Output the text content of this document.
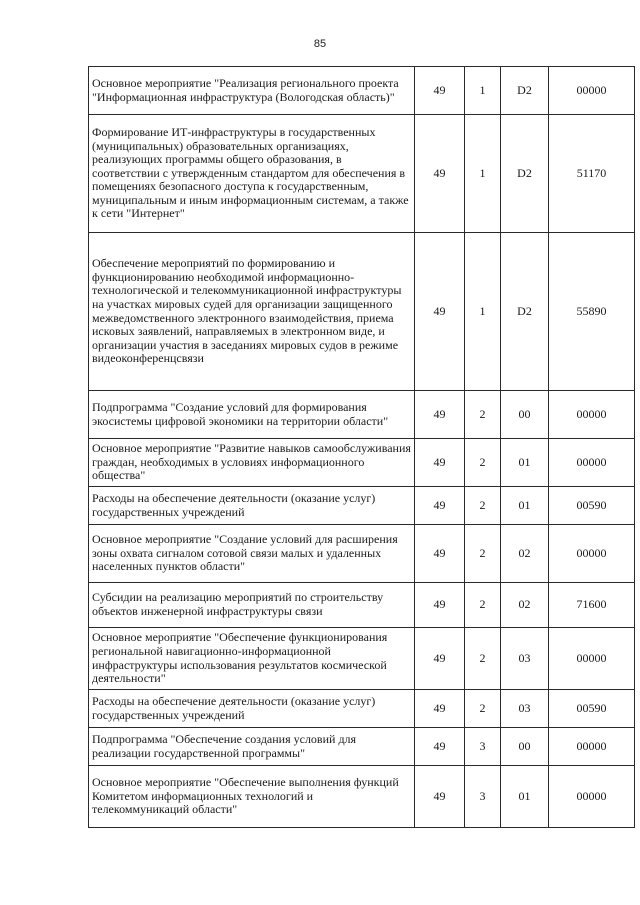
85
Основное мероприятие "Реализация регионального проекта "Информационная инфраструктура (Вологодская область)"	49	1	D2	00000
Формирование ИТ-инфраструктуры в государственных (муниципальных) образовательных организациях, реализующих программы общего образования, в соответствии с утвержденным стандартом для обеспечения в помещениях безопасного доступа к государственным, муниципальным и иным информационным системам, а также к сети "Интернет"	49	1	D2	51170
Обеспечение мероприятий по формированию и функционированию необходимой информационно-технологической и телекоммуникационной инфраструктуры на участках мировых судей для организации защищенного межведомственного электронного взаимодействия, приема исковых заявлений, направляемых в электронном виде, и организации участия в заседаниях мировых судов в режиме видеоконференцсвязи	49	1	D2	55890
Подпрограмма "Создание условий для формирования экосистемы цифровой экономики на территории области"	49	2	00	00000
Основное мероприятие "Развитие навыков самообслуживания граждан, необходимых в условиях информационного общества"	49	2	01	00000
Расходы на обеспечение деятельности (оказание услуг) государственных учреждений	49	2	01	00590
Основное мероприятие "Создание условий для расширения зоны охвата сигналом сотовой связи малых и удаленных населенных пунктов области"	49	2	02	00000
Субсидии на реализацию мероприятий по строительству объектов инженерной инфраструктуры связи	49	2	02	71600
Основное мероприятие "Обеспечение функционирования региональной навигационно-информационной инфраструктуры использования результатов космической деятельности"	49	2	03	00000
Расходы на обеспечение деятельности (оказание услуг) государственных учреждений	49	2	03	00590
Подпрограмма "Обеспечение создания условий для реализации государственной программы"	49	3	00	00000
Основное мероприятие "Обеспечение выполнения функций Комитетом информационных технологий и телекоммуникаций области"	49	3	01	00000
